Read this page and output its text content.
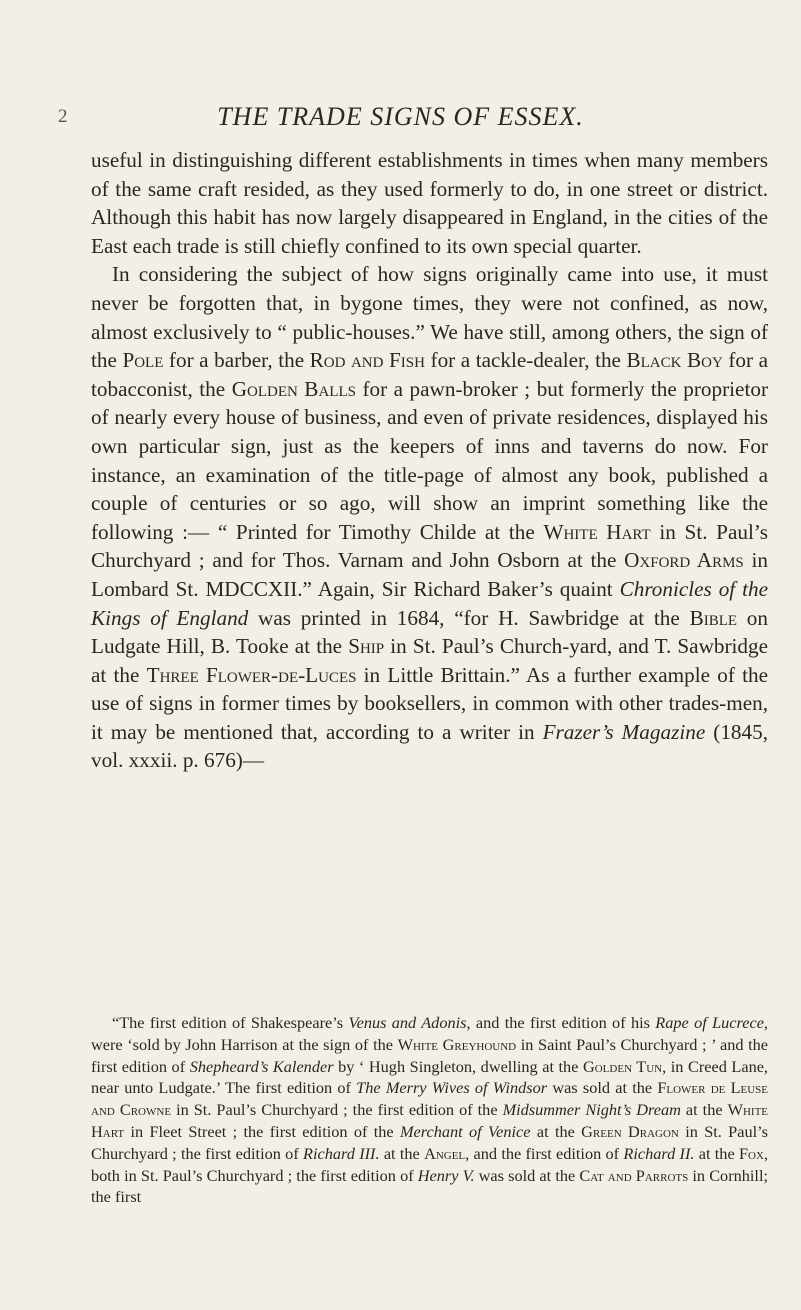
2	THE TRADE SIGNS OF ESSEX.

useful in distinguishing different establishments in times when many members of the same craft resided, as they used formerly to do, in one street or district. Although this habit has now largely disappeared in England, in the cities of the East each trade is still chiefly confined to its own special quarter.

In considering the subject of how signs originally came into use, it must never be forgotten that, in bygone times, they were not confined, as now, almost exclusively to “ public-houses.” We have still, among others, the sign of the Pole for a barber, the Rod and Fish for a tackle-dealer, the Black Boy for a tobacconist, the Golden Balls for a pawn-broker ; but formerly the proprietor of nearly every house of business, and even of private residences, displayed his own particular sign, just as the keepers of inns and taverns do now. For instance, an examination of the title-page of almost any book, published a couple of centuries or so ago, will show an imprint something like the following :— “ Printed for Timothy Childe at the White Hart in St. Paul’s Churchyard ; and for Thos. Varnam and John Osborn at the Oxford Arms in Lombard St. MDCCXII.” Again, Sir Richard Baker’s quaint Chronicles of the Kings of England was printed in 1684, “for H. Sawbridge at the Bible on Ludgate Hill, B. Tooke at the Ship in St. Paul’s Church-yard, and T. Sawbridge at the Three Flower-de-Luces in Little Brittain.” As a further example of the use of signs in former times by booksellers, in common with other trades-men, it may be mentioned that, according to a writer in Frazer’s Magazine (1845, vol. xxxii. p. 676)—

“The first edition of Shakespeare’s Venus and Adonis, and the first edition of his Rape of Lucrece, were ‘sold by John Harrison at the sign of the White Greyhound in Saint Paul’s Churchyard ; ’ and the first edition of Shepheard’s Kalender by ‘ Hugh Singleton, dwelling at the Golden Tun, in Creed Lane, near unto Ludgate.’ The first edition of The Merry Wives of Windsor was sold at the Flower de Leuse and Crowne in St. Paul’s Churchyard ; the first edition of the Midsummer Night’s Dream at the White Hart in Fleet Street ; the first edition of the Merchant of Venice at the Green Dragon in St. Paul’s Churchyard ; the first edition of Richard III. at the Angel, and the first edition of Richard II. at the Fox, both in St. Paul’s Churchyard ; the first edition of Henry V. was sold at the Cat and Parrots in Cornhill; the first
